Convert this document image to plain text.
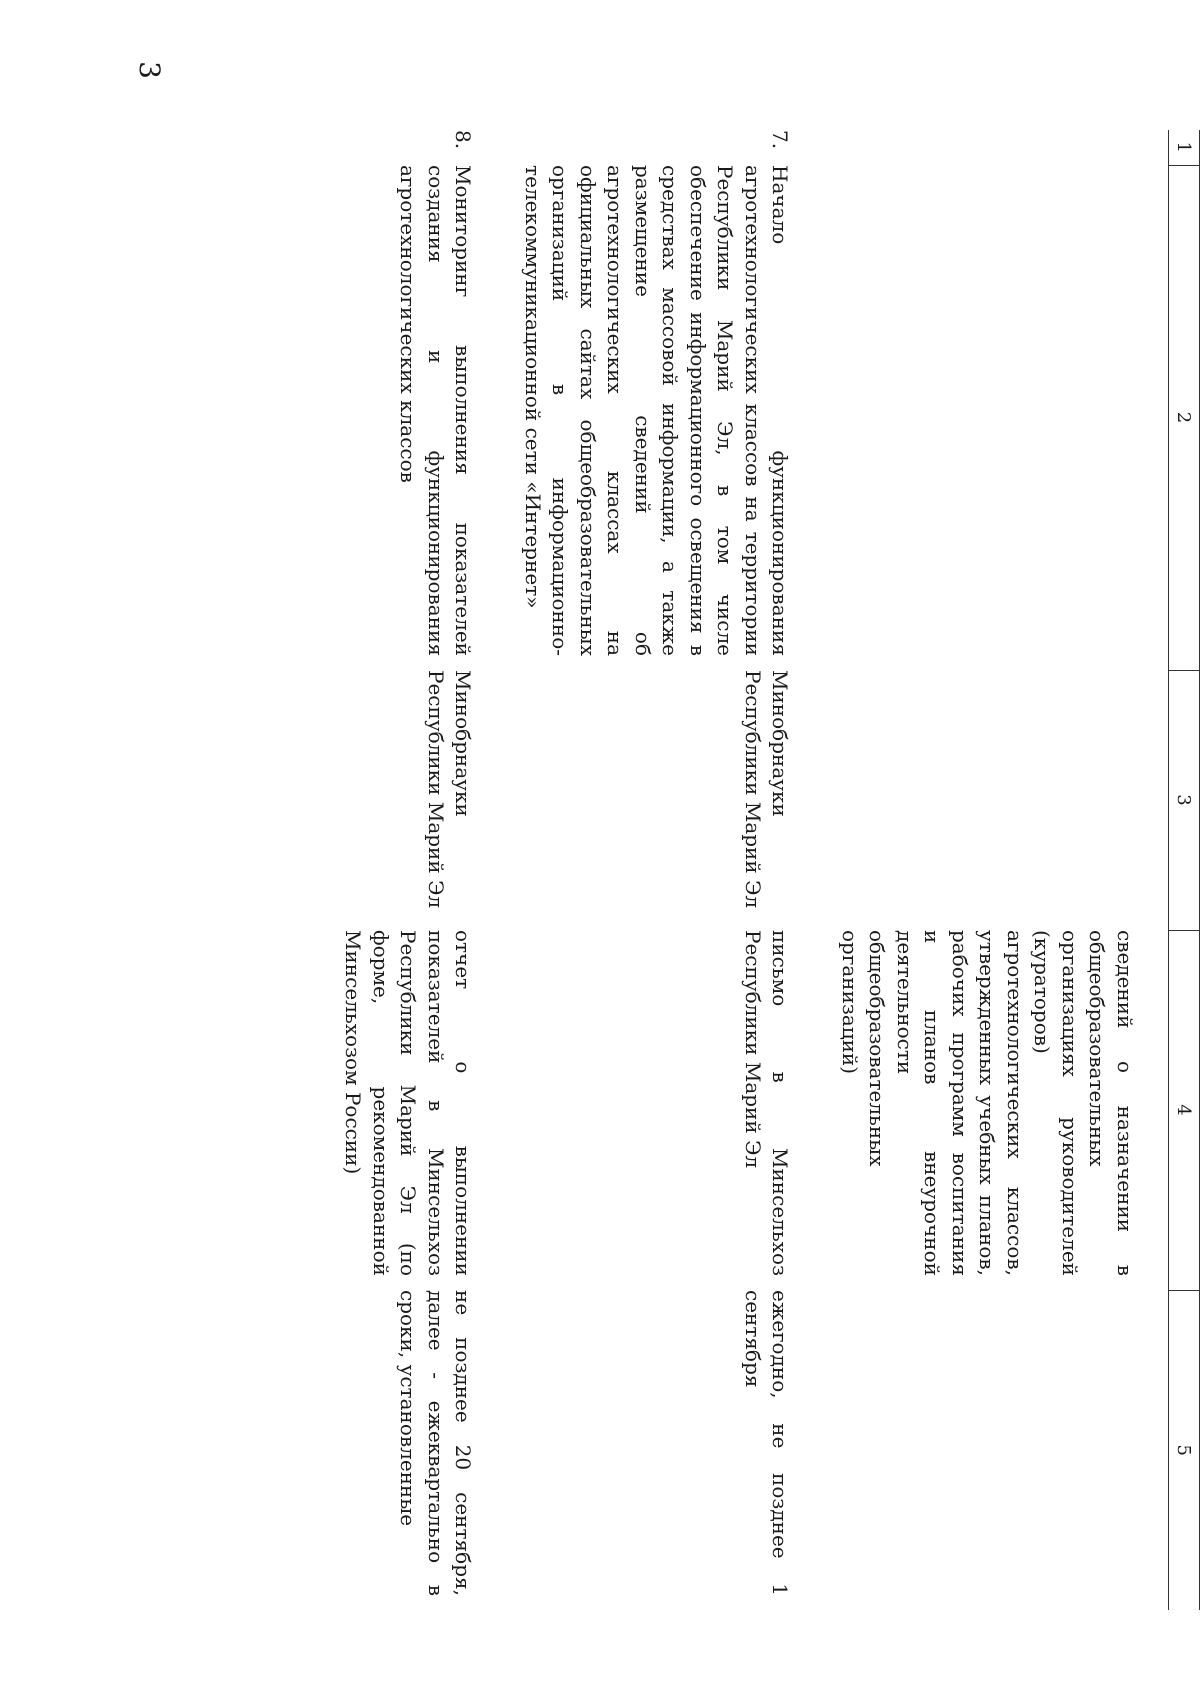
3
1	2	3	4	5

			сведений о назначении в общеобразовательных организациях руководителей (кураторов) агротехнологических классов, утвержденных учебных планов, рабочих программ воспитания и планов внеурочной деятельности общеобразовательных организаций)	

7.	Начало функционирования агротехнологических классов на территории Республики Марий Эл, в том числе обеспечение информационного освещения в средствах массовой информации, а также размещение сведений об агротехнологических классах на официальных сайтах общеобразовательных организаций в информационно-телекоммуникационной сети «Интернет»	Минобрнауки Республики Марий Эл	письмо в Минсельхоз Республики Марий Эл	ежегодно, не позднее 1 сентября

8.	Мониторинг выполнения показателей создания и функционирования агротехнологических классов	Минобрнауки Республики Марий Эл	отчет о выполнении показателей в Минсельхоз Республики Марий Эл (по форме, рекомендованной Минсельхозом России)	не позднее 20 сентября, далее - ежеквартально в сроки, установленные
